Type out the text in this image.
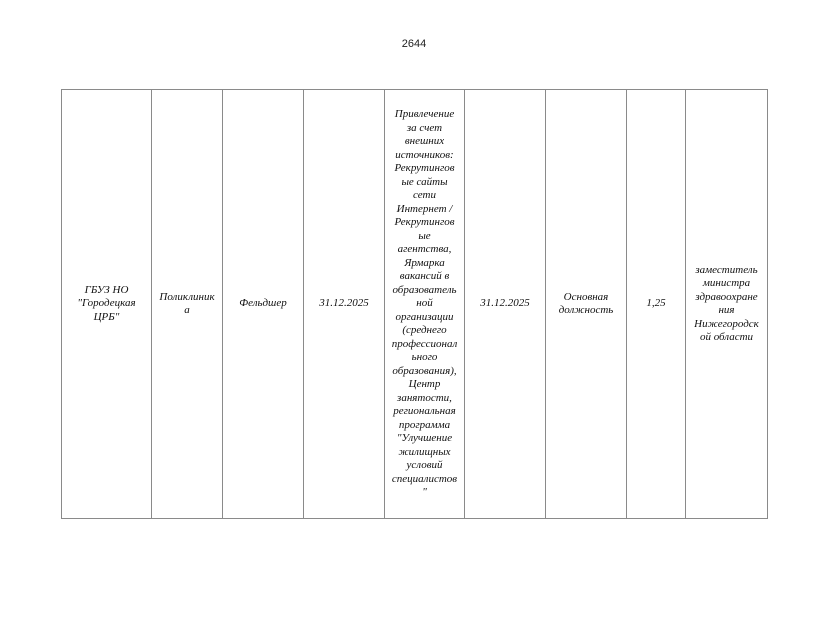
2644
ГБУЗ НО
"Городецкая
ЦРБ"	Поликлиник
а	Фельдшер	31.12.2025	Привлечение
за счет
внешних
источников:
Рекрутингов
ые сайты
сети
Интернет /
Рекрутингов
ые
агентства,
Ярмарка
вакансий в
образователь
ной
организации
(среднего
профессионал
ьного
образования),
Центр
занятости,
региональная
программа
"Улучшение
жилищных
условий
специалистов
"	31.12.2025	Основная
должность	1,25	заместитель
министра
здравоохране
ния
Нижегородск
ой области
